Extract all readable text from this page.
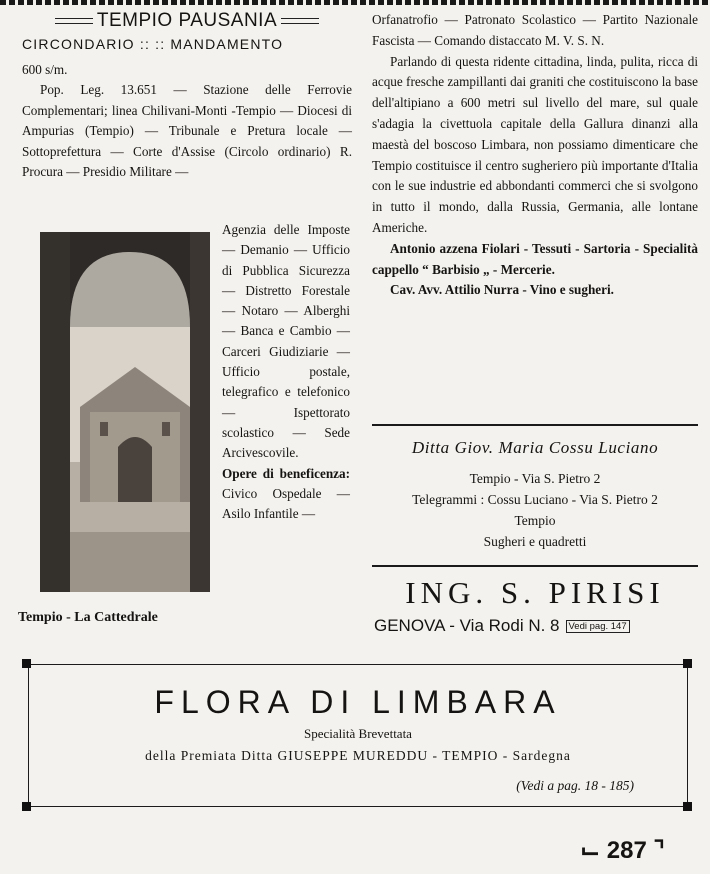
TEMPIO PAUSANIA
CIRCONDARIO :: :: MANDAMENTO

600 s/m.

Pop. Leg. 13.651 — Stazione delle Ferrovie Complementari; linea Chilivani-Monti -Tempio — Diocesi di Ampurias (Tempio) — Tribunale e Pretura locale — Sottoprefettura — Corte d'Assise (Circolo ordinario) R. Procura — Presidio Militare —

Tempio - La Cattedrale

Agenzia delle Imposte — Demanio — Ufficio di Pubblica Sicurezza — Distretto Forestale — Notaro — Alberghi — Banca e Cambio — Carceri Giudiziarie — Ufficio postale, telegrafico e telefonico — Ispettorato scolastico — Sede Arcivescovile.

Opere di beneficenza: Civico Ospedale — Asilo Infantile —

Orfanatrofio — Patronato Scolastico — Partito Nazionale Fascista — Comando distaccato M. V. S. N.

Parlando di questa ridente cittadina, linda, pulita, ricca di acque fresche zampillanti dai graniti che costituiscono la base dell'altipiano a 600 metri sul livello del mare, sul quale s'adagia la civettuola capitale della Gallura dinanzi alla maestà del boscoso Limbara, non possiamo dimenticare che Tempio costituisce il centro sugheriero più importante d'Italia con le sue industrie ed abbondanti commerci che si svolgono in tutto il mondo, dalla Russia, Germania, alle lontane Americhe.

Antonio azzena Fiolari - Tessuti - Sartoria - Specialità cappello “ Barbisio „ - Mercerie.

Cav. Avv. Attilio Nurra - Vino e sugheri.

Ditta Giov. Maria Cossu Luciano
Tempio - Via S. Pietro 2
Telegrammi : Cossu Luciano - Via S. Pietro 2
Tempio
Sugheri e quadretti
ING. S. PIRISI
GENOVA - Via Rodi N. 8 Vedi pag. 147
FLORA DI LIMBARA
Specialità Brevettata
della Premiata Ditta GIUSEPPE MUREDDU - TEMPIO - Sardegna
(Vedi a pag. 18 - 185)
⌙ 287 ⌝
